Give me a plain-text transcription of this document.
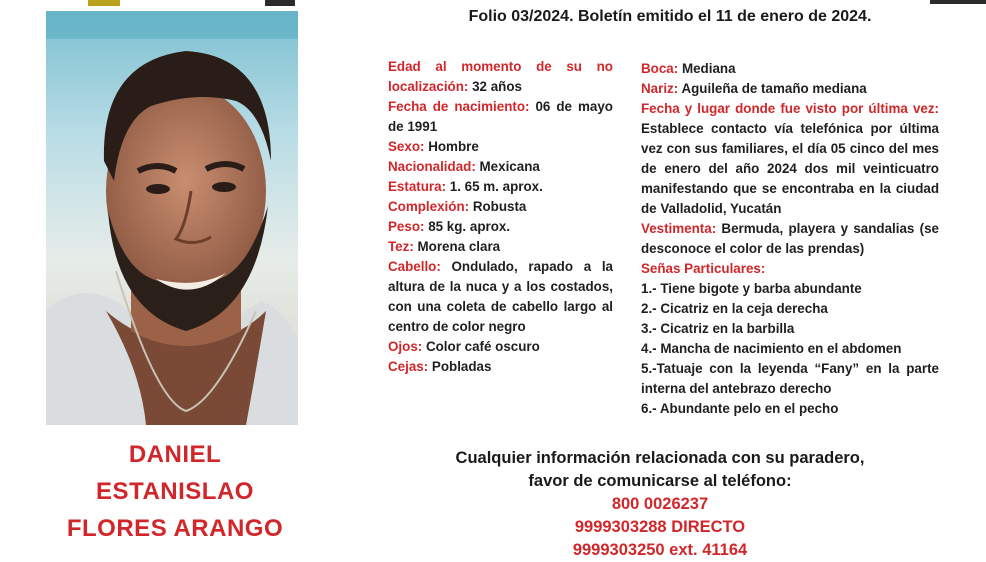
Folio 03/2024. Boletín emitido el 11 de enero de 2024.
DANIEL
ESTANISLAO
FLORES ARANGO
Edad al momento de su no localización: 32 años
Fecha de nacimiento: 06 de mayo de 1991
Sexo: Hombre
Nacionalidad: Mexicana
Estatura: 1. 65 m. aprox.
Complexión: Robusta
Peso: 85 kg. aprox.
Tez: Morena clara
Cabello: Ondulado, rapado a la altura de la nuca y a los costados, con una coleta de cabello largo al centro de color negro
Ojos: Color café oscuro
Cejas: Pobladas
Boca: Mediana
Nariz: Aguileña de tamaño mediana
Fecha y lugar donde fue visto por última vez: Establece contacto vía telefónica por última vez con sus familiares, el día 05 cinco del mes de enero del año 2024 dos mil veinticuatro manifestando que se encontraba en la ciudad de Valladolid, Yucatán
Vestimenta: Bermuda, playera y sandalias (se desconoce el color de las prendas)
Señas Particulares:
1.- Tiene bigote y barba abundante
2.- Cicatriz en la ceja derecha
3.- Cicatriz en la barbilla
4.- Mancha de nacimiento en el abdomen
5.-Tatuaje con la leyenda “Fany” en la parte interna del antebrazo derecho
6.- Abundante pelo en el pecho
Cualquier información relacionada con su paradero,
favor de comunicarse al teléfono:
800 0026237
9999303288 DIRECTO
9999303250 ext. 41164
